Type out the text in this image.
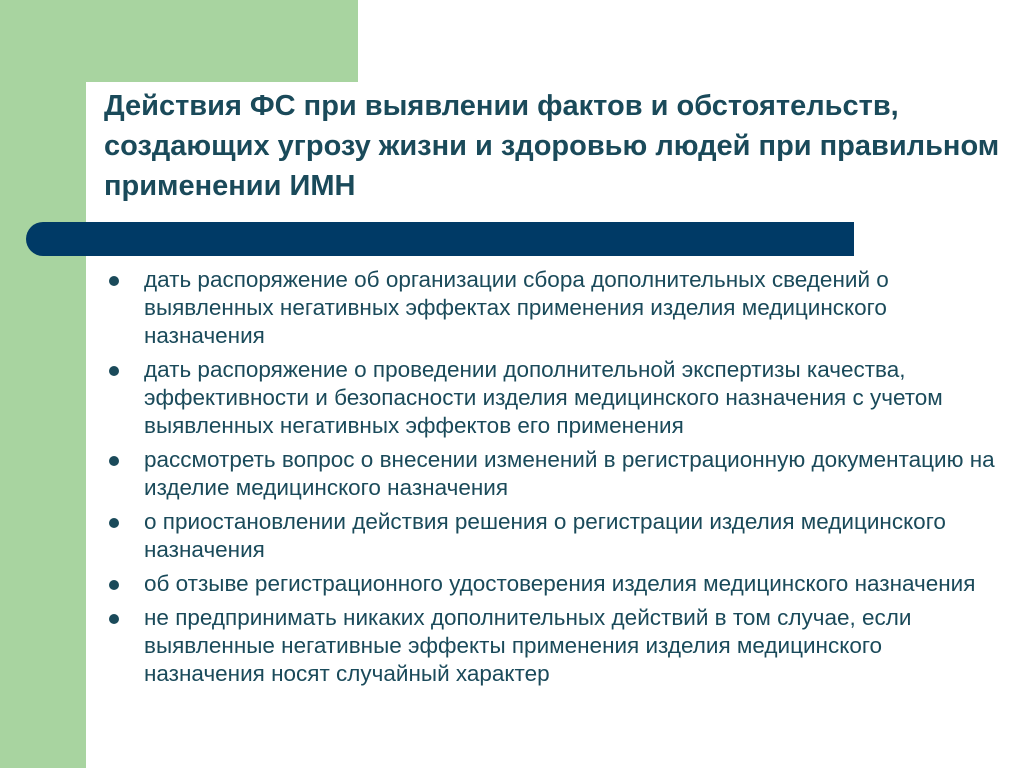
Действия ФС при выявлении фактов и обстоятельств, создающих угрозу жизни и здоровью людей при правильном применении ИМН
дать распоряжение об организации сбора дополнительных сведений о выявленных негативных эффектах применения изделия медицинского назначения
дать распоряжение о проведении дополнительной экспертизы качества, эффективности и безопасности изделия медицинского назначения с учетом выявленных негативных эффектов его применения
рассмотреть вопрос о внесении изменений в регистрационную документацию на изделие медицинского назначения
о приостановлении действия решения о регистрации изделия медицинского назначения
об отзыве регистрационного удостоверения изделия медицинского назначения
не предпринимать никаких дополнительных действий в том случае, если выявленные негативные эффекты применения изделия медицинского назначения носят случайный характер
